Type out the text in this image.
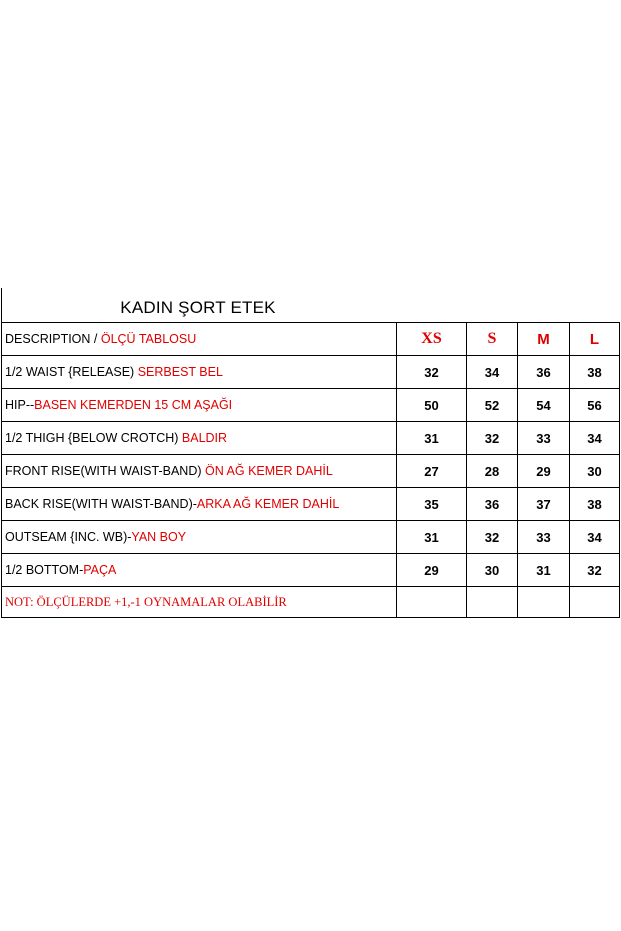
KADIN ŞORT ETEK
DESCRIPTION / ÖLÇÜ TABLOSU	XS	S	M	L
1/2 WAIST {RELEASE) SERBEST BEL	32	34	36	38
HIP--BASEN KEMERDEN 15 CM AŞAĞI	50	52	54	56
1/2 THIGH {BELOW CROTCH) BALDIR	31	32	33	34
FRONT RISE(WITH WAIST-BAND) ÖN AĞ KEMER DAHİL	27	28	29	30
BACK RISE(WITH WAIST-BAND)-ARKA AĞ KEMER DAHİL	35	36	37	38
OUTSEAM {INC. WB)-YAN BOY	31	32	33	34
1/2 BOTTOM-PAÇA	29	30	31	32
NOT: ÖLÇÜLERDE +1,-1 OYNAMALAR OLABİLİR				
